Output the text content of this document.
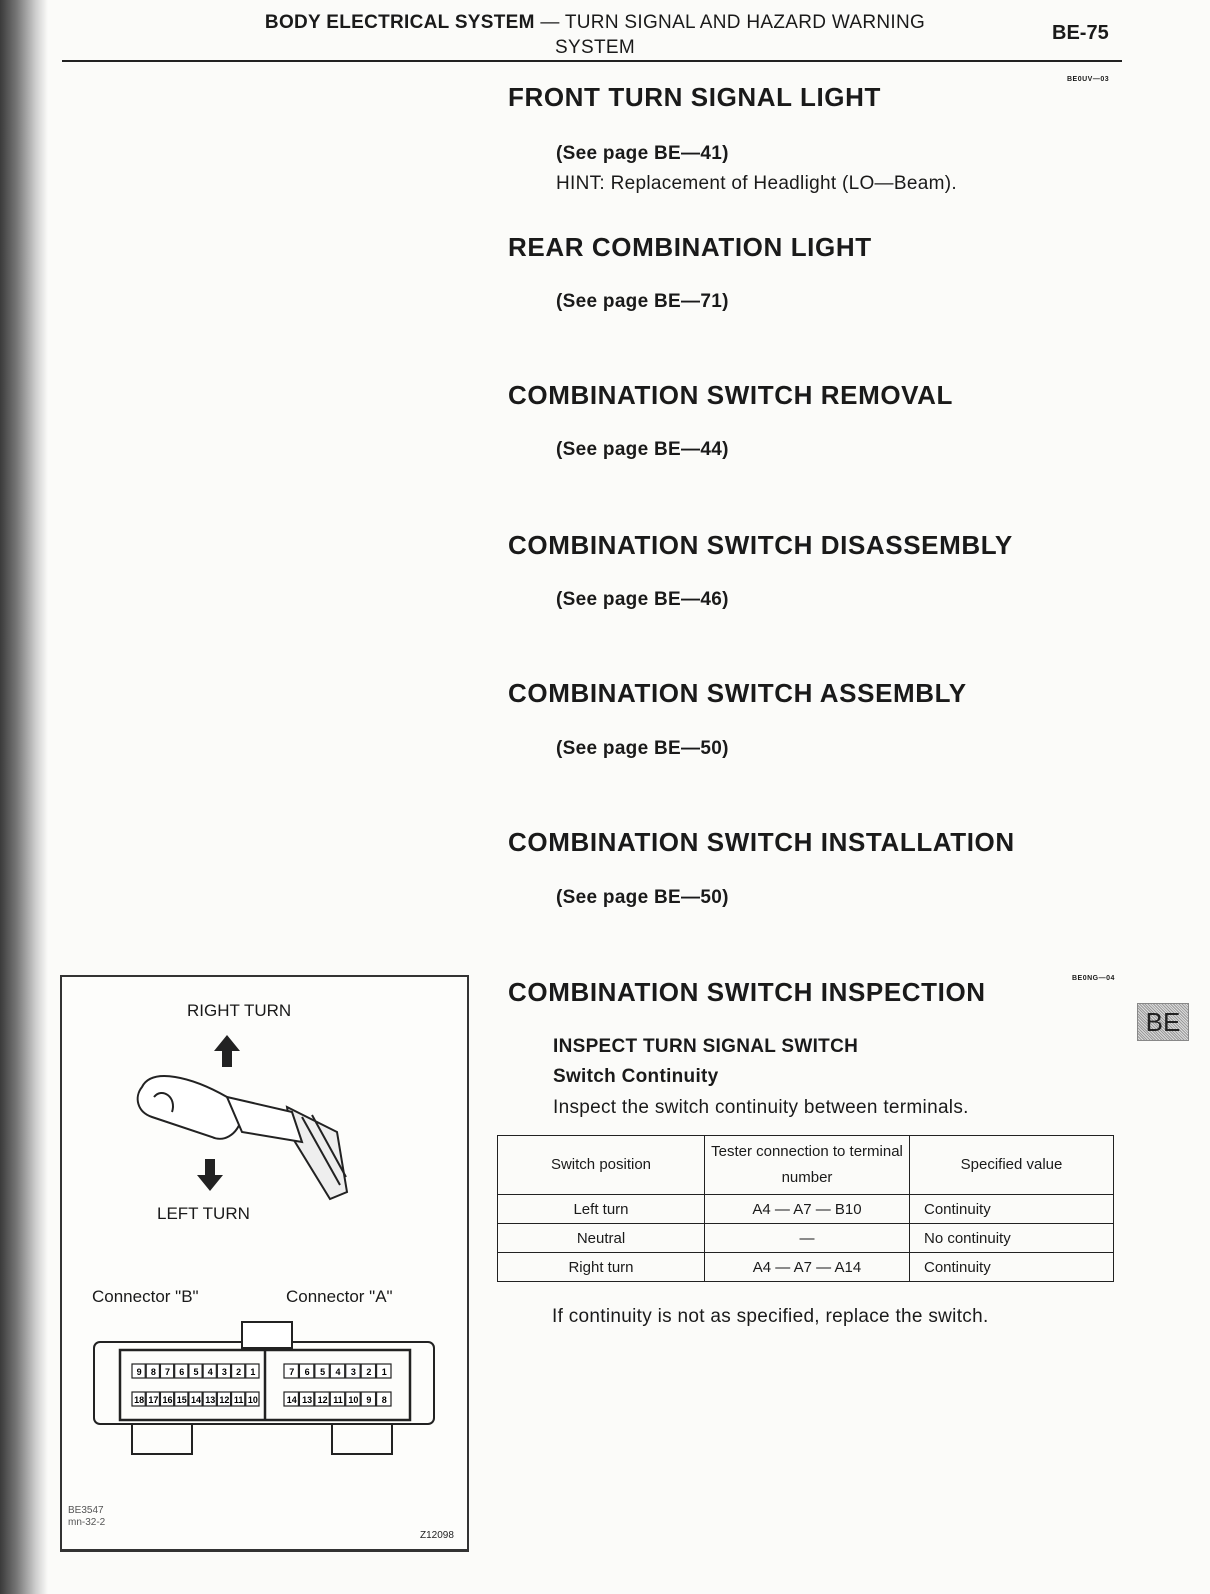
BODY ELECTRICAL SYSTEM — TURN SIGNAL AND HAZARD WARNING
SYSTEM
BE-75
BE0UV—03
FRONT TURN SIGNAL LIGHT
(See page BE—41)
HINT: Replacement of Headlight (LO—Beam).
REAR COMBINATION LIGHT
(See page BE—71)
COMBINATION SWITCH REMOVAL
(See page BE—44)
COMBINATION SWITCH DISASSEMBLY
(See page BE—46)
COMBINATION SWITCH ASSEMBLY
(See page BE—50)
COMBINATION SWITCH INSTALLATION
(See page BE—50)
BE0NG—04
COMBINATION SWITCH INSPECTION
INSPECT TURN SIGNAL SWITCH
Switch Continuity
Inspect the switch continuity between terminals.
Switch position	Tester connection to terminal number	Specified value
Left turn	A4 — A7 — B10	Continuity
Neutral	—	No continuity
Right turn	A4 — A7 — A14	Continuity
If continuity is not as specified, replace the switch.
BE
RIGHT TURN
LEFT TURN
Connector "B"	Connector "A"
9 8 7 6 5 4 3 2 1
18 17 16 15 14 13 12 11 10
7 6 5 4 3 2 1
14 13 12 11 10 9 8
BE3547
mn-32-2
Z12098
